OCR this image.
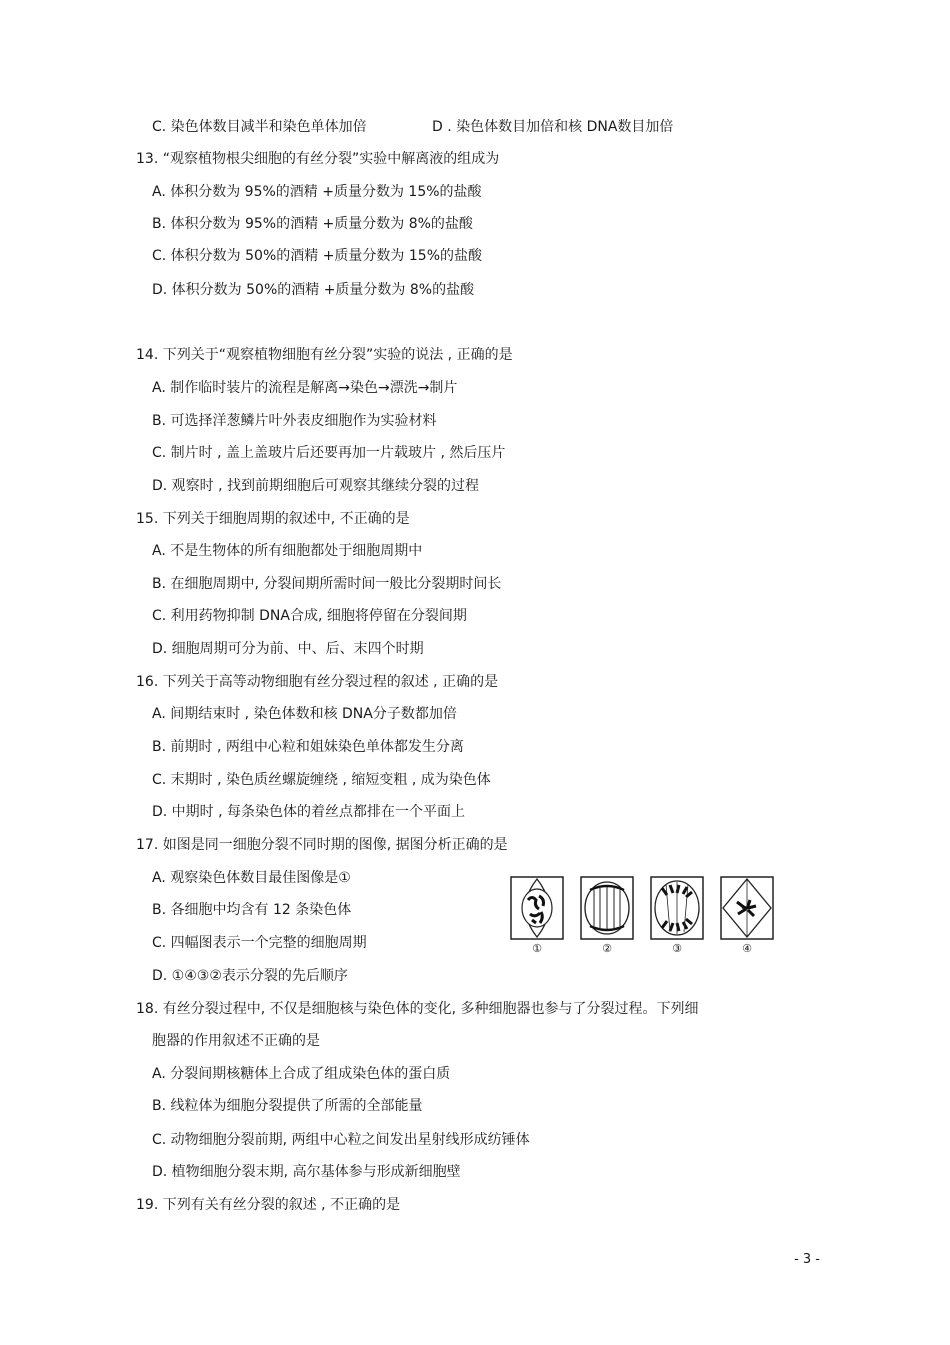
C. 染色体数目减半和染色单体加倍	D . 染色体数目加倍和核 DNA数目加倍
13. “观察植物根尖细胞的有丝分裂”实验中解离液的组成为
A. 体积分数为 95%的酒精 +质量分数为 15%的盐酸
B. 体积分数为 95%的酒精 +质量分数为 8%的盐酸
C. 体积分数为 50%的酒精 +质量分数为 15%的盐酸
D. 体积分数为 50%的酒精 +质量分数为 8%的盐酸
14. 下列关于“观察植物细胞有丝分裂”实验的说法 , 正确的是
A. 制作临时装片的流程是解离→染色→漂洗→制片
B. 可选择洋葱鳞片叶外表皮细胞作为实验材料
C. 制片时 , 盖上盖玻片后还要再加一片载玻片 , 然后压片
D. 观察时 , 找到前期细胞后可观察其继续分裂的过程
15. 下列关于细胞周期的叙述中, 不正确的是
A. 不是生物体的所有细胞都处于细胞周期中
B. 在细胞周期中, 分裂间期所需时间一般比分裂期时间长
C. 利用药物抑制 DNA合成, 细胞将停留在分裂间期
D. 细胞周期可分为前、中、后、末四个时期
16. 下列关于高等动物细胞有丝分裂过程的叙述 , 正确的是
A. 间期结束时 , 染色体数和核 DNA分子数都加倍
B. 前期时 , 两组中心粒和姐妹染色单体都发生分离
C. 末期时 , 染色质丝螺旋缠绕 , 缩短变粗 , 成为染色体
D. 中期时 , 每条染色体的着丝点都排在一个平面上
17. 如图是同一细胞分裂不同时期的图像, 据图分析正确的是
A. 观察染色体数目最佳图像是①
B. 各细胞中均含有 12 条染色体
C. 四幅图表示一个完整的细胞周期
D. ①④③②表示分裂的先后顺序
①	②	③	④
18. 有丝分裂过程中, 不仅是细胞核与染色体的变化, 多种细胞器也参与了分裂过程。下列细
胞器的作用叙述不正确的是
A. 分裂间期核糖体上合成了组成染色体的蛋白质
B. 线粒体为细胞分裂提供了所需的全部能量
C. 动物细胞分裂前期, 两组中心粒之间发出星射线形成纺锤体
D. 植物细胞分裂末期, 高尔基体参与形成新细胞壁
19. 下列有关有丝分裂的叙述 , 不正确的是
- 3 -
